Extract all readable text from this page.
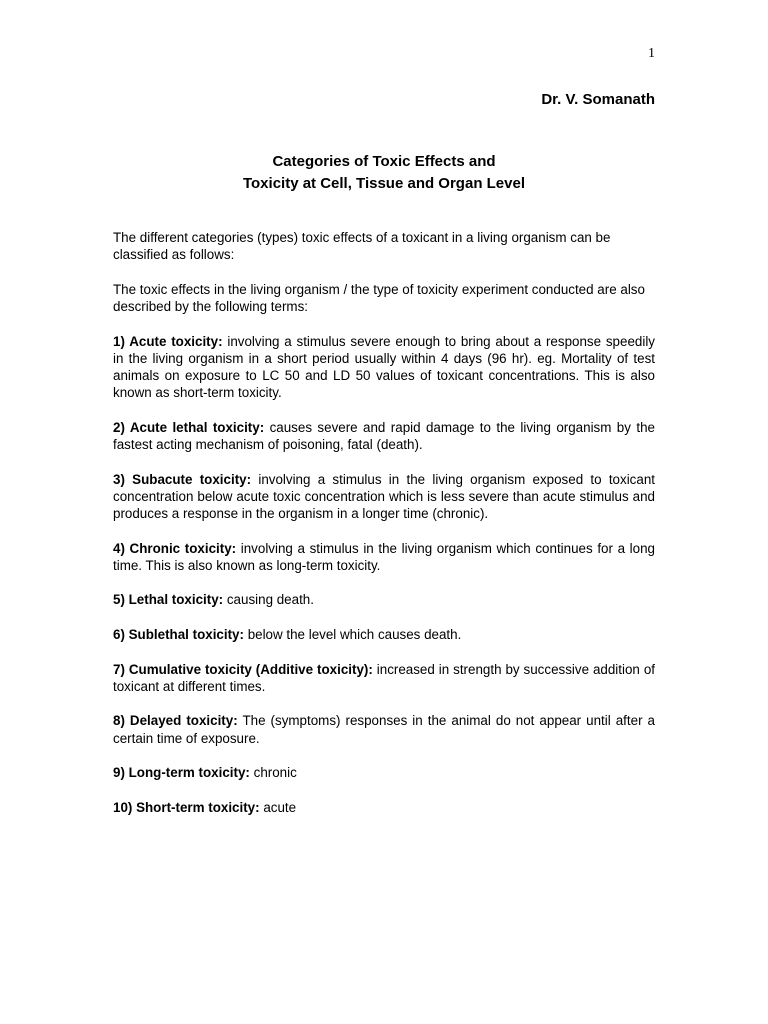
1
Dr. V. Somanath
Categories of Toxic Effects and
Toxicity at Cell, Tissue and Organ Level

The different categories (types) toxic effects of a toxicant in a living organism can be classified as follows:

The toxic effects in the living organism / the type of toxicity experiment conducted are also described by the following terms:

1) Acute toxicity: involving a stimulus severe enough to bring about a response speedily in the living organism in a short period usually within 4 days (96 hr). eg. Mortality of test animals on exposure to LC 50 and LD 50 values of toxicant concentrations. This is also known as short-term toxicity.

2) Acute lethal toxicity: causes severe and rapid damage to the living organism by the fastest acting mechanism of poisoning, fatal (death).

3) Subacute toxicity: involving a stimulus in the living organism exposed to toxicant concentration below acute toxic concentration which is less severe than acute stimulus and produces a response in the organism in a longer time (chronic).

4) Chronic toxicity: involving a stimulus in the living organism which continues for a long time. This is also known as long-term toxicity.

5) Lethal toxicity: causing death.

6) Sublethal toxicity: below the level which causes death.

7) Cumulative toxicity (Additive toxicity): increased in strength by successive addition of toxicant at different times.

8) Delayed toxicity: The (symptoms) responses in the animal do not appear until after a certain time of exposure.

9) Long-term toxicity: chronic

10) Short-term toxicity: acute
